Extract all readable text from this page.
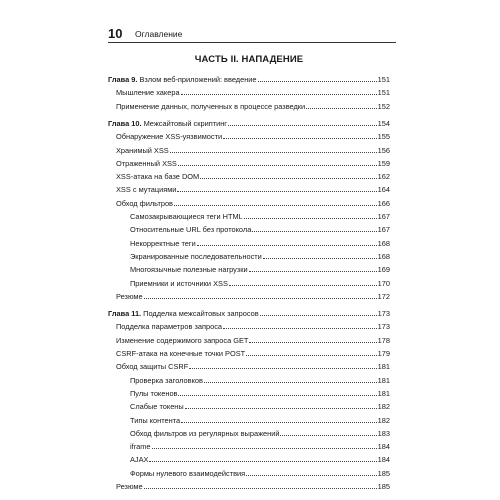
10 Оглавление
ЧАСТЬ II. НАПАДЕНИЕ
Глава 9. Взлом веб-приложений: введение	151
Мышление хакера	151
Применение данных, полученных в процессе разведки	152
Глава 10. Межсайтовый скриптинг	154
Обнаружение XSS-уязвимости	155
Хранимый XSS	156
Отраженный XSS	159
XSS-атака на базе DOM	162
XSS с мутациями	164
Обход фильтров	166
Самозакрывающиеся теги HTML	167
Относительные URL без протокола	167
Некорректные теги	168
Экранированные последовательности	168
Многоязычные полезные нагрузки	169
Приемники и источники XSS	170
Резюме	172
Глава 11. Подделка межсайтовых запросов	173
Подделка параметров запроса	173
Изменение содержимого запроса GET	178
CSRF-атака на конечные точки POST	179
Обход защиты CSRF	181
Проверка заголовков	181
Пулы токенов	181
Слабые токены	182
Типы контента	182
Обход фильтров из регулярных выражений	183
iframe	184
AJAX	184
Формы нулевого взаимодействия	185
Резюме	185
